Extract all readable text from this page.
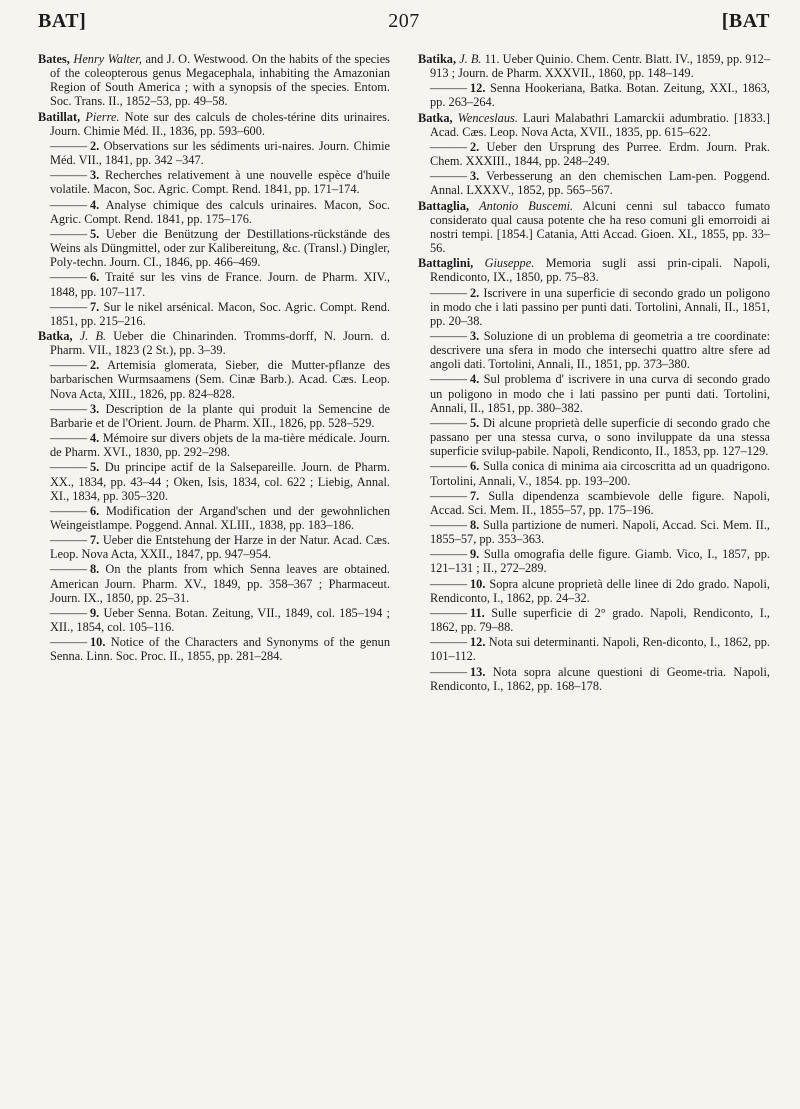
BAT]	207	[BAT
Bates, Henry Walter, and J. O. Westwood. On the habits of the species of the coleopterous genus Megacephala, inhabiting the Amazonian Region of South America ; with a synopsis of the species. Entom. Soc. Trans. II., 1852–53, pp. 49–58.
Batillat, Pierre. Note sur des calculs de choles-térine dits urinaires. Journ. Chimie Méd. II., 1836, pp. 593–600.
——— 2. Observations sur les sédiments uri-naires. Journ. Chimie Méd. VII., 1841, pp. 342 –347.
——— 3. Recherches relativement à une nouvelle espèce d'huile volatile. Macon, Soc. Agric. Compt. Rend. 1841, pp. 171–174.
——— 4. Analyse chimique des calculs urinaires. Macon, Soc. Agric. Compt. Rend. 1841, pp. 175–176.
——— 5. Ueber die Benützung der Destillations-rückstände des Weins als Düngmittel, oder zur Kalibereitung, &c. (Transl.) Dingler, Poly-techn. Journ. CI., 1846, pp. 466–469.
——— 6. Traité sur les vins de France. Journ. de Pharm. XIV., 1848, pp. 107–117.
——— 7. Sur le nikel arsénical. Macon, Soc. Agric. Compt. Rend. 1851, pp. 215–216.
Batka, J. B. Ueber die Chinarinden. Tromms-dorff, N. Journ. d. Pharm. VII., 1823 (2 St.), pp. 3–39.
——— 2. Artemisia glomerata, Sieber, die Mutter-pflanze des barbarischen Wurmsaamens (Sem. Cinæ Barb.). Acad. Cæs. Leop. Nova Acta, XIII., 1826, pp. 824–828.
——— 3. Description de la plante qui produit la Semencine de Barbarie et de l'Orient. Journ. de Pharm. XII., 1826, pp. 528–529.
——— 4. Mémoire sur divers objets de la ma-tière médicale. Journ. de Pharm. XVI., 1830, pp. 292–298.
——— 5. Du principe actif de la Salsepareille. Journ. de Pharm. XX., 1834, pp. 43–44 ; Oken, Isis, 1834, col. 622 ; Liebig, Annal. XI., 1834, pp. 305–320.
——— 6. Modification der Argand'schen und der gewohnlichen Weingeistlampe. Poggend. Annal. XLIII., 1838, pp. 183–186.
——— 7. Ueber die Entstehung der Harze in der Natur. Acad. Cæs. Leop. Nova Acta, XXII., 1847, pp. 947–954.
——— 8. On the plants from which Senna leaves are obtained. American Journ. Pharm. XV., 1849, pp. 358–367 ; Pharmaceut. Journ. IX., 1850, pp. 25–31.
——— 9. Ueber Senna. Botan. Zeitung, VII., 1849, col. 185–194 ; XII., 1854, col. 105–116.
——— 10. Notice of the Characters and Synonyms of the genun Senna. Linn. Soc. Proc. II., 1855, pp. 281–284.
Batika, J. B. 11. Ueber Quinio. Chem. Centr. Blatt. IV., 1859, pp. 912–913 ; Journ. de Pharm. XXXVII., 1860, pp. 148–149.
——— 12. Senna Hookeriana, Batka. Botan. Zeitung, XXI., 1863, pp. 263–264.
Batka, Wenceslaus. Lauri Malabathri Lamarckii adumbratio. [1833.] Acad. Cæs. Leop. Nova Acta, XVII., 1835, pp. 615–622.
——— 2. Ueber den Ursprung des Purree. Erdm. Journ. Prak. Chem. XXXIII., 1844, pp. 248–249.
——— 3. Verbesserung an den chemischen Lam-pen. Poggend. Annal. LXXXV., 1852, pp. 565–567.
Battaglia, Antonio Buscemi. Alcuni cenni sul tabacco fumato considerato qual causa potente che ha reso comuni gli emorroidi ai nostri tempi. [1854.] Catania, Atti Accad. Gioen. XI., 1855, pp. 33–56.
Battaglini, Giuseppe. Memoria sugli assi prin-cipali. Napoli, Rendiconto, IX., 1850, pp. 75–83.
——— 2. Iscrivere in una superficie di secondo grado un poligono in modo che i lati passino per punti dati. Tortolini, Annali, II., 1851, pp. 20–38.
——— 3. Soluzione di un problema di geometria a tre coordinate: descrivere una sfera in modo che intersechi quattro altre sfere ad angoli dati. Tortolini, Annali, II., 1851, pp. 373–380.
——— 4. Sul problema d' iscrivere in una curva di secondo grado un poligono in modo che i lati passino per punti dati. Tortolini, Annali, II., 1851, pp. 380–382.
——— 5. Di alcune proprietà delle superficie di secondo grado che passano per una stessa curva, o sono inviluppate da una stessa superficie svilup-pabile. Napoli, Rendiconto, II., 1853, pp. 127–129.
——— 6. Sulla conica di minima aia circoscritta ad un quadrigono. Tortolini, Annali, V., 1854. pp. 193–200.
——— 7. Sulla dipendenza scambievole delle figure. Napoli, Accad. Sci. Mem. II., 1855–57, pp. 175–196.
——— 8. Sulla partizione de numeri. Napoli, Accad. Sci. Mem. II., 1855–57, pp. 353–363.
——— 9. Sulla omografia delle figure. Giamb. Vico, I., 1857, pp. 121–131 ; II., 272–289.
——— 10. Sopra alcune proprietà delle linee di 2do grado. Napoli, Rendiconto, I., 1862, pp. 24–32.
——— 11. Sulle superficie di 2° grado. Napoli, Rendiconto, I., 1862, pp. 79–88.
——— 12. Nota sui determinanti. Napoli, Ren-diconto, I., 1862, pp. 101–112.
——— 13. Nota sopra alcune questioni di Geome-tria. Napoli, Rendiconto, I., 1862, pp. 168–178.
